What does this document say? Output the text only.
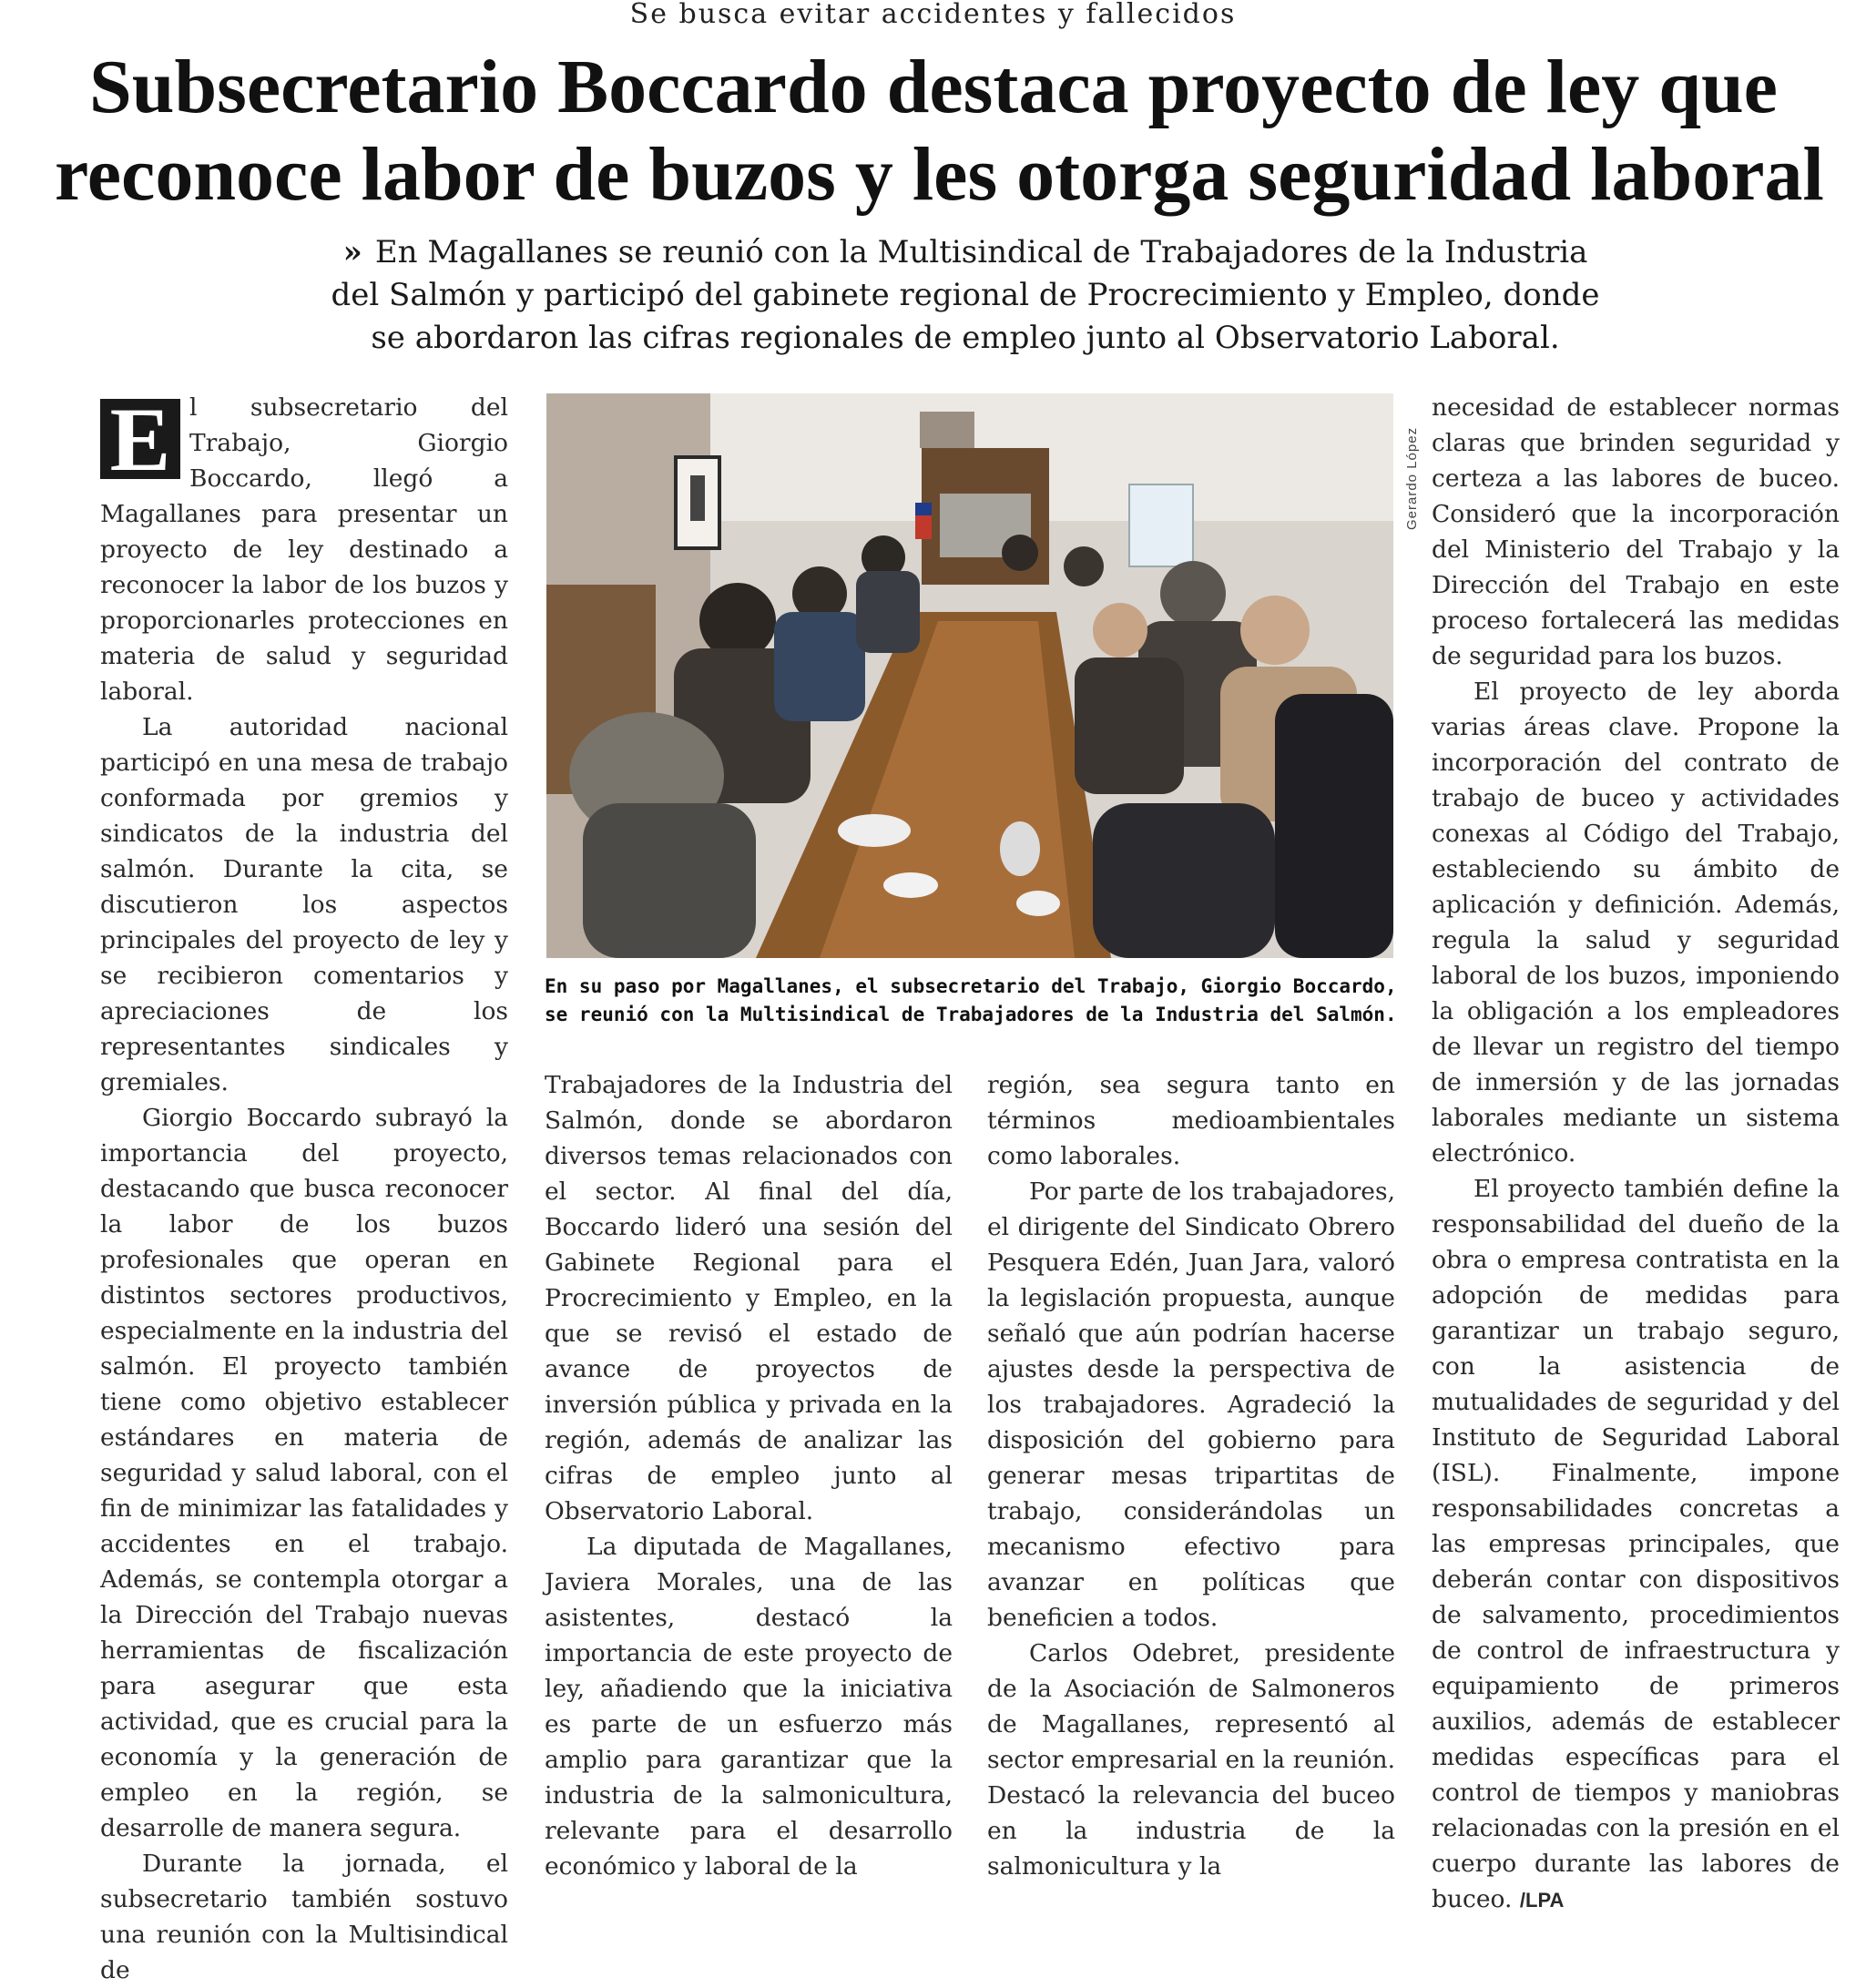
Se busca evitar accidentes y fallecidos
Subsecretario Boccardo destaca proyecto de ley que
reconoce labor de buzos y les otorga seguridad laboral
» En Magallanes se reunió con la Multisindical de Trabajadores de la Industria
del Salmón y participó del gabinete regional de Procrecimiento y Empleo, donde
se abordaron las cifras regionales de empleo junto al Observatorio Laboral.
E l subsecretario del Trabajo, Giorgio Boccardo, llegó a Magallanes para presentar un proyecto de ley destinado a reconocer la labor de los buzos y proporcionarles protecciones en materia de salud y seguridad laboral.

La autoridad nacional participó en una mesa de trabajo conformada por gremios y sindicatos de la industria del salmón. Durante la cita, se discutieron los aspectos principales del proyecto de ley y se recibieron comentarios y apreciaciones de los representantes sindicales y gremiales.

Giorgio Boccardo subrayó la importancia del proyecto, destacando que busca reconocer la labor de los buzos profesionales que operan en distintos sectores productivos, especialmente en la industria del salmón. El proyecto también tiene como objetivo establecer estándares en materia de seguridad y salud laboral, con el fin de minimizar las fatalidades y accidentes en el trabajo. Además, se contempla otorgar a la Dirección del Trabajo nuevas herramientas de fiscalización para asegurar que esta actividad, que es crucial para la economía y la generación de empleo en la región, se desarrolle de manera segura.

Durante la jornada, el subsecretario también sostuvo una reunión con la Multisindical de

Gerardo López
En su paso por Magallanes, el subsecretario del Trabajo, Giorgio Boccardo,
se reunió con la Multisindical de Trabajadores de la Industria del Salmón.

Trabajadores de la Industria del Salmón, donde se abordaron diversos temas relacionados con el sector. Al final del día, Boccardo lideró una sesión del Gabinete Regional para el Procrecimiento y Empleo, en la que se revisó el estado de avance de proyectos de inversión pública y privada en la región, además de analizar las cifras de empleo junto al Observatorio Laboral.

La diputada de Magallanes, Javiera Morales, una de las asistentes, destacó la importancia de este proyecto de ley, añadiendo que la iniciativa es parte de un esfuerzo más amplio para garantizar que la industria de la salmonicultura, relevante para el desarrollo económico y laboral de la

región, sea segura tanto en términos medioambientales como laborales.

Por parte de los trabajadores, el dirigente del Sindicato Obrero Pesquera Edén, Juan Jara, valoró la legislación propuesta, aunque señaló que aún podrían hacerse ajustes desde la perspectiva de los trabajadores. Agradeció la disposición del gobierno para generar mesas tripartitas de trabajo, considerándolas un mecanismo efectivo para avanzar en políticas que beneficien a todos.

Carlos Odebret, presidente de la Asociación de Salmoneros de Magallanes, representó al sector empresarial en la reunión. Destacó la relevancia del buceo en la industria de la salmonicultura y la

necesidad de establecer normas claras que brinden seguridad y certeza a las labores de buceo. Consideró que la incorporación del Ministerio del Trabajo y la Dirección del Trabajo en este proceso fortalecerá las medidas de seguridad para los buzos.

El proyecto de ley aborda varias áreas clave. Propone la incorporación del contrato de trabajo de buceo y actividades conexas al Código del Trabajo, estableciendo su ámbito de aplicación y definición. Además, regula la salud y seguridad laboral de los buzos, imponiendo la obligación a los empleadores de llevar un registro del tiempo de inmersión y de las jornadas laborales mediante un sistema electrónico.

El proyecto también define la responsabilidad del dueño de la obra o empresa contratista en la adopción de medidas para garantizar un trabajo seguro, con la asistencia de mutualidades de seguridad y del Instituto de Seguridad Laboral (ISL). Finalmente, impone responsabilidades concretas a las empresas principales, que deberán contar con dispositivos de salvamento, procedimientos de control de infraestructura y equipamiento de primeros auxilios, además de establecer medidas específicas para el control de tiempos y maniobras relacionadas con la presión en el cuerpo durante las labores de buceo. /LPA
